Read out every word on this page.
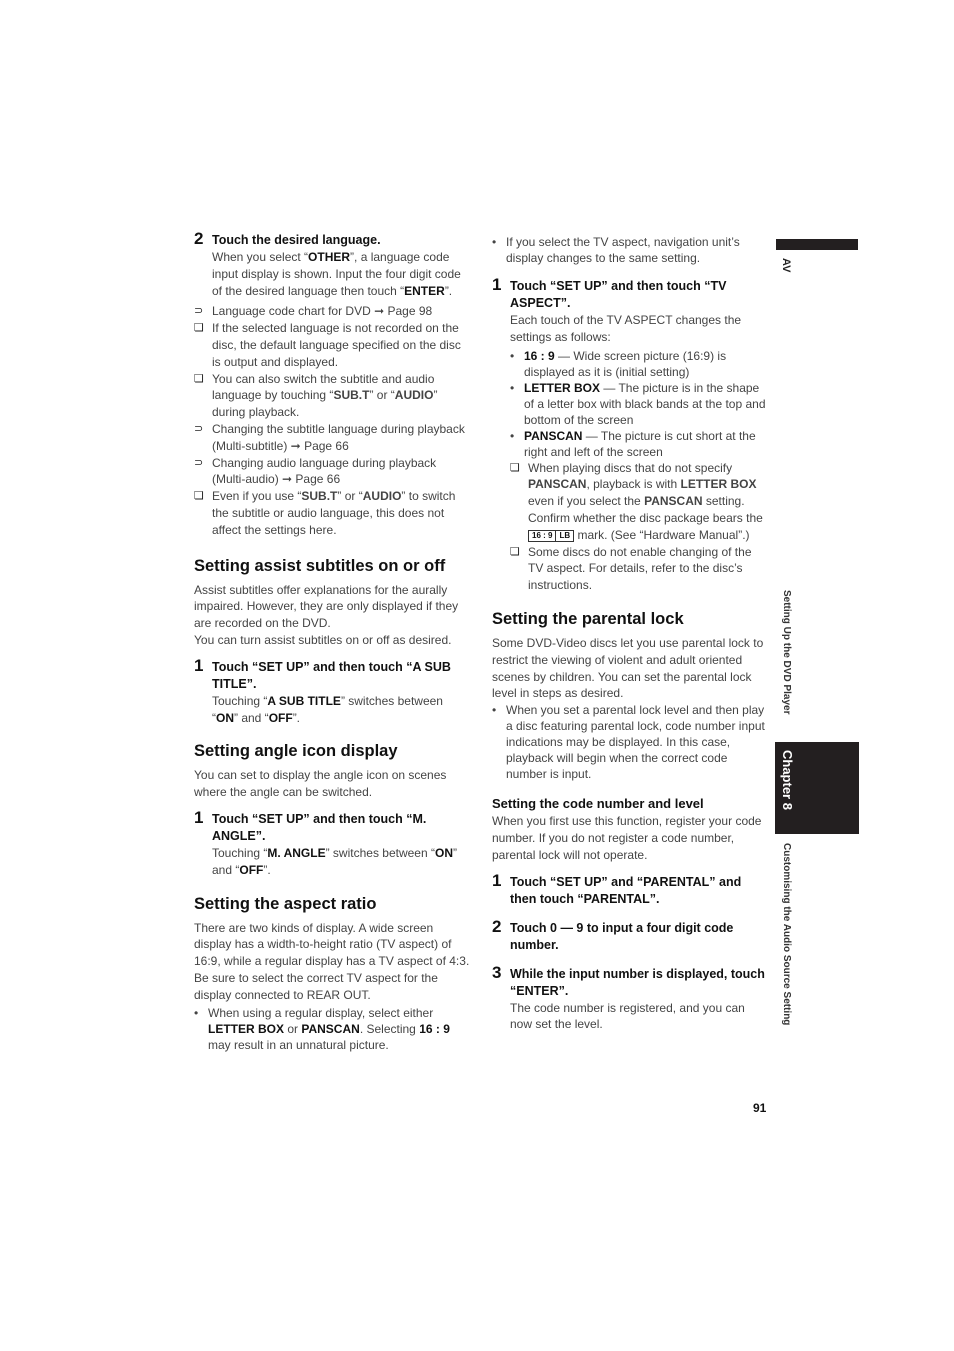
2 Touch the desired language.
When you select “OTHER”, a language code input display is shown. Input the four digit code of the desired language then touch “ENTER”.
⊃ Language code chart for DVD ➞ Page 98
❏ If the selected language is not recorded on the disc, the default language specified on the disc is output and displayed.
❏ You can also switch the subtitle and audio language by touching “SUB.T” or “AUDIO” during playback.
⊃ Changing the subtitle language during playback (Multi-subtitle) ➞ Page 66
⊃ Changing audio language during playback (Multi-audio) ➞ Page 66
❏ Even if you use “SUB.T” or “AUDIO” to switch the subtitle or audio language, this does not affect the settings here.
Setting assist subtitles on or off
Assist subtitles offer explanations for the aurally impaired. However, they are only displayed if they are recorded on the DVD.
You can turn assist subtitles on or off as desired.
1 Touch “SET UP” and then touch “A SUB TITLE”.
Touching “A SUB TITLE” switches between “ON” and “OFF”.
Setting angle icon display
You can set to display the angle icon on scenes where the angle can be switched.
1 Touch “SET UP” and then touch “M. ANGLE”.
Touching “M. ANGLE” switches between “ON” and “OFF”.
Setting the aspect ratio
There are two kinds of display. A wide screen display has a width-to-height ratio (TV aspect) of 16:9, while a regular display has a TV aspect of 4:3. Be sure to select the correct TV aspect for the display connected to REAR OUT.
• When using a regular display, select either LETTER BOX or PANSCAN. Selecting 16 : 9 may result in an unnatural picture.
• If you select the TV aspect, navigation unit’s display changes to the same setting.
1 Touch “SET UP” and then touch “TV ASPECT”.
Each touch of the TV ASPECT changes the settings as follows:
• 16 : 9 — Wide screen picture (16:9) is displayed as it is (initial setting)
• LETTER BOX — The picture is in the shape of a letter box with black bands at the top and bottom of the screen
• PANSCAN — The picture is cut short at the right and left of the screen
❏ When playing discs that do not specify PANSCAN, playback is with LETTER BOX even if you select the PANSCAN setting. Confirm whether the disc package bears the 16 : 9 LB mark. (See “Hardware Manual”.)
❏ Some discs do not enable changing of the TV aspect. For details, refer to the disc’s instructions.
Setting the parental lock
Some DVD-Video discs let you use parental lock to restrict the viewing of violent and adult oriented scenes by children. You can set the parental lock level in steps as desired.
• When you set a parental lock level and then play a disc featuring parental lock, code number input indications may be displayed. In this case, playback will begin when the correct code number is input.
Setting the code number and level
When you first use this function, register your code number. If you do not register a code number, parental lock will not operate.
1 Touch “SET UP” and “PARENTAL” and then touch “PARENTAL”.
2 Touch 0 — 9 to input a four digit code number.
3 While the input number is displayed, touch “ENTER”.
The code number is registered, and you can now set the level.
AV
Setting Up the DVD Player
Chapter 8
Customising the Audio Source Setting
91
